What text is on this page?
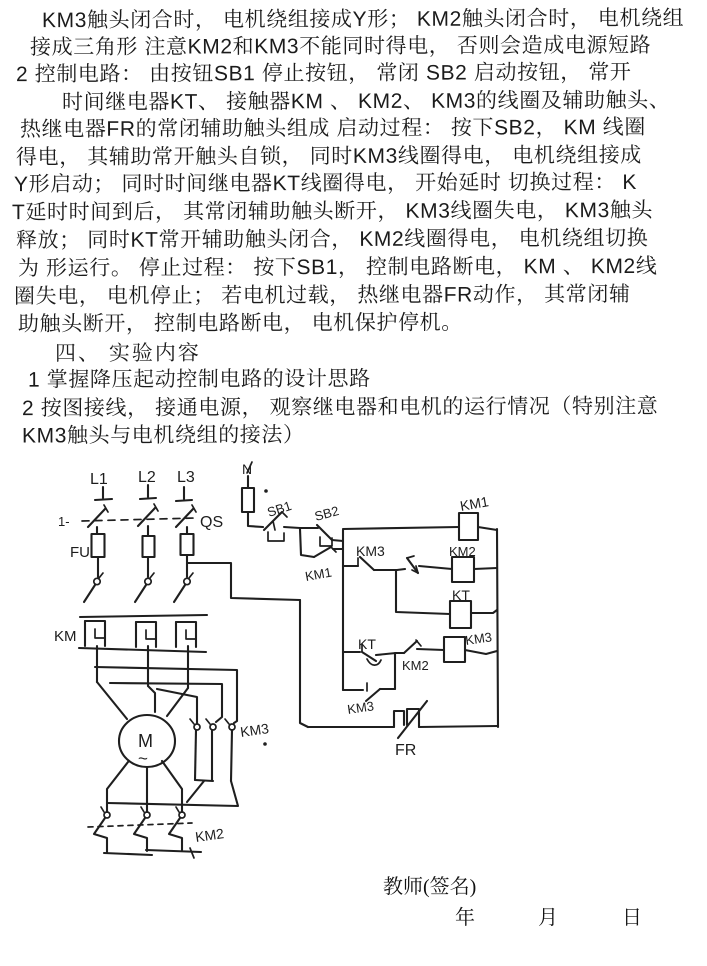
KM3触头闭合时， 电机绕组接成Y形； KM2触头闭合时， 电机绕组
接成三角形 注意KM2和KM3不能同时得电， 否则会造成电源短路
2 控制电路： 由按钮SB1 停止按钮， 常闭 SB2 启动按钮， 常开
时间继电器KT、 接触器KM 、 KM2、 KM3的线圈及辅助触头、
热继电器FR的常闭辅助触头组成 启动过程： 按下SB2， KM 线圈
得电， 其辅助常开触头自锁， 同时KM3线圈得电， 电机绕组接成
Y形启动； 同时时间继电器KT线圈得电， 开始延时 切换过程： K
T延时时间到后， 其常闭辅助触头断开， KM3线圈失电， KM3触头
释放； 同时KT常开辅助触头闭合， KM2线圈得电， 电机绕组切换
为 形运行。 停止过程： 按下SB1， 控制电路断电， KM 、 KM2线
圈失电， 电机停止； 若电机过载， 热继电器FR动作， 其常闭辅
助触头断开， 控制电路断电， 电机保护停机。
四、 实验内容
1 掌握降压起动控制电路的设计思路
2 按图接线， 接通电源， 观察继电器和电机的运行情况（特别注意
KM3触头与电机绕组的接法）
L1 L2 L3
1-	QS
FU
KM
M
~
KM3
KM2
N
SB1 SB2
KM1
KM1
KM3	KM2
KT
KT
KM2
KM3
KM3
FR
教师(签名)
年	月	日
